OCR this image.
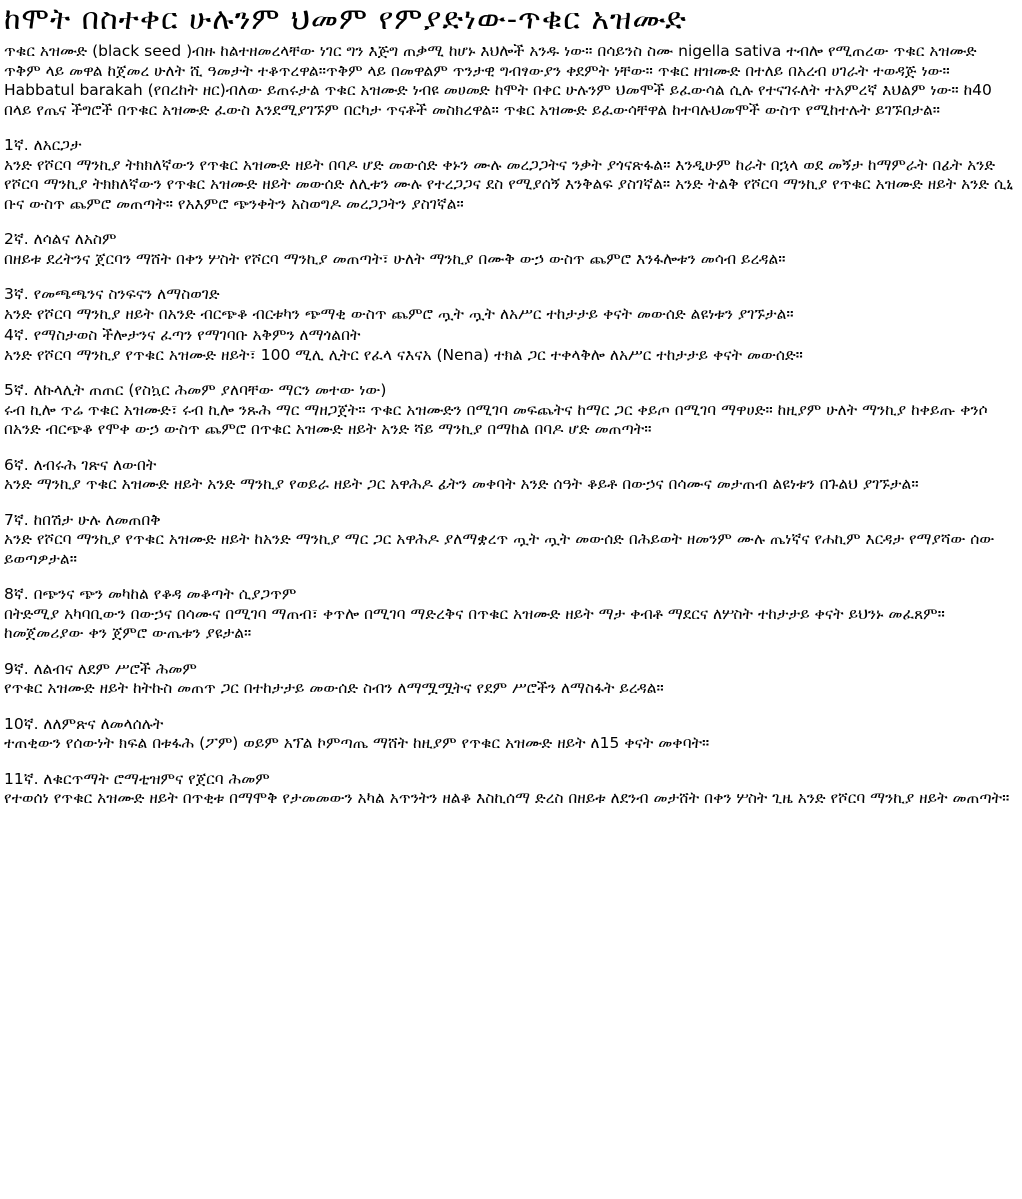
ከሞት በስተቀር ሁሉንም ህመም የምያድነው-ጥቁር አዝሙድ

ጥቁር አዝሙድ (black seed )ብዙ ከልተዘመረላቸው ነገር ግን እጅግ ጠቃሚ ከሆኑ እህሎች አንዱ ነው። በሳይንስ ስሙ nigella sativa ተብሎ የሚጠረው ጥቁር አዝሙድ ጥቅም ላይ መዋል ከጀመረ ሁለት ሺ ዓመታት ተቆጥረዋል።ጥቅም ላይ በመዋልም ጥንታዊ ግብፃውያን ቀደምት ነቸው። ጥቁር ዘዝሙድ በተለይ በአረብ ሀገራት ተወዳጅ ነው። Habbatul barakah (የበረከት ዘር)ብለው ይጠሩታል ጥቁር አዝሙድ ነብዩ መሀመድ ከሞት በቀር ሁሉንም ህመሞች ይፈውሳል ሲሉ የተናገሩለት ተአምረኛ እህልም ነው። ከ40 በላይ የጤና ችግሮች በጥቁር አዝሙድ ፈውስ እንደሚያገኙም በርካታ ጥናቶች መስክረዋል። ጥቁር አዝሙድ ይፈውሳቸዋል ከተባሉህመሞች ውስጥ የሚከተሉት ይገኙበታል።

1ኛ. ለአርጋታ

አንድ የሾርባ ማንኪያ ትክክለኛውን የጥቁር አዝሙድ ዘይት በባዶ ሆድ መውሰድ ቀኑን ሙሉ መረጋጋትና ንቃት ያጎናጽፋል። እንዲሁም ከራት በኋላ ወደ መኝታ ከማምራት በፊት አንድ የሾርባ ማንኪያ ትክክለኛውን የጥቁር አዝሙድ ዘይት መውሰድ ለሊቱን ሙሉ የተረጋጋና ደስ የሚያሰኝ እንቅልፍ ያስገኛል። አንድ ትልቅ የሾርባ ማንኪያ የጥቁር አዝሙድ ዘይት አንድ ሲኒ ቡና ውስጥ ጨምሮ መጠጣት። የአእምሮ ጭንቀትን አስወግዶ መረጋጋትን ያስገኛል።

2ኛ. ለሳልና ለአስም

በዘይቱ ደረትንና ጀርባን ማሸት በቀን ሦስት የሾርባ ማንኪያ መጠጣት፣ ሁለት ማንኪያ በሙቅ ውኃ ውስጥ ጨምሮ እንፋሎቱን መሳብ ይረዳል።

3ኛ. የመጫጫንና ስንፍናን ለማስወገድ

አንድ የሾርባ ማንኪያ ዘይት በአንድ ብርጭቆ ብርቱካን ጭማቂ ውስጥ ጨምሮ ጧት ጧት ለአሥር ተከታታይ ቀናት መውሰድ ልዩነቱን ያገኙታል።

4ኛ. የማስታወስ ችሎታንና ፈጣን የማገባቡ አቅምን ለማጎልበት

አንድ የሾርባ ማንኪያ የጥቁር አዝሙድ ዘይት፣ 100 ሚሊ ሊትር የፈላ ናእናአ (Nena) ተክል ጋር ተቀላቅሎ ለአሥር ተከታታይ ቀናት መውሰድ።

5ኛ. ለኩላሊት ጠጠር (የስኳር ሕመም ያለባቸው ማርን መተው ነው)

ሩብ ኪሎ ጥሬ ጥቁር አዝሙድ፣ ሩብ ኪሎ ንጹሕ ማር ማዘጋጀት። ጥቁር አዝሙድን በሚገባ መፍጨትና ከማር ጋር ቀይጦ በሚገባ ማዋሀድ። ከዚያም ሁለት ማንኪያ ከቀይጡ ቀንሶ በአንድ ብርጭቆ የሞቀ ውኃ ውስጥ ጨምሮ በጥቁር አዝሙድ ዘይት አንድ ሻይ ማንኪያ በማከል በባዶ ሆድ መጠጣት።

6ኛ. ለብሩሕ ገጽና ለውበት

አንድ ማንኪያ ጥቁር አዝሙድ ዘይት አንድ ማንኪያ የወይራ ዘይት ጋር አዋሕዶ ፊትን መቀባት አንድ ሰዓት ቆይቶ በውኃና በሳሙና መታጠብ ልዩነቱን በጉልህ ያገኙታል።

7ኛ. ከበሽታ ሁሉ ለመጠበቅ

አንድ የሾርባ ማንኪያ የጥቁር አዝሙድ ዘይት ከአንድ ማንኪያ ማር ጋር አዋሕዶ ያለማቋረጥ ጧት ጧት መውሰድ በሕይወት ዘመንም ሙሉ ጤነኛና የሐኪም እርዳታ የማያሻው ሰው ይወጣዎታል።

8ኛ. በጭንና ጭን መካከል የቆዳ መቆጣት ሲያጋጥም

በትድሚያ አካባቢውን በውኃና በሳሙና በሚገባ ማጠብ፣ ቀጥሎ በሚገባ ማድረቅና በጥቁር አዝሙድ ዘይት ማታ ቀብቶ ማደርና ለሦስት ተከታታይ ቀናት ይህንኑ መፈጸም። ከመጀመሪያው ቀን ጀምሮ ውጤቱን ያዩታል።

9ኛ. ለልብና ለደም ሥሮች ሕመም

የጥቁር አዝሙድ ዘይት ከትኩስ መጠጥ ጋር በተከታታይ መውሰድ ስብን ለማሟሟትና የደም ሥሮችን ለማስፋት ይረዳል።

10ኛ. ለለምጽና ለመላሰሉት

ተጠቂውን የሰውነት ክፍል በቱፋሕ (ፖም) ወይም አፕል ኮምጣጤ ማሸት ከዚያም የጥቁር አዝሙድ ዘይት ለ15 ቀናት መቀባት።

11ኛ. ለቁርጥማት ሮማቲዝምና የጀርባ ሕመም

የተወሰነ የጥቁር አዝሙድ ዘይት በጥቂቱ በማሞቅ የታመመውን አካል አጥንትን ዘልቆ እስኪሰማ ድረስ በዘይቱ ለደንብ መታሸት በቀን ሦስት ጊዜ አንድ የሾርባ ማንኪያ ዘይት መጠጣት።
